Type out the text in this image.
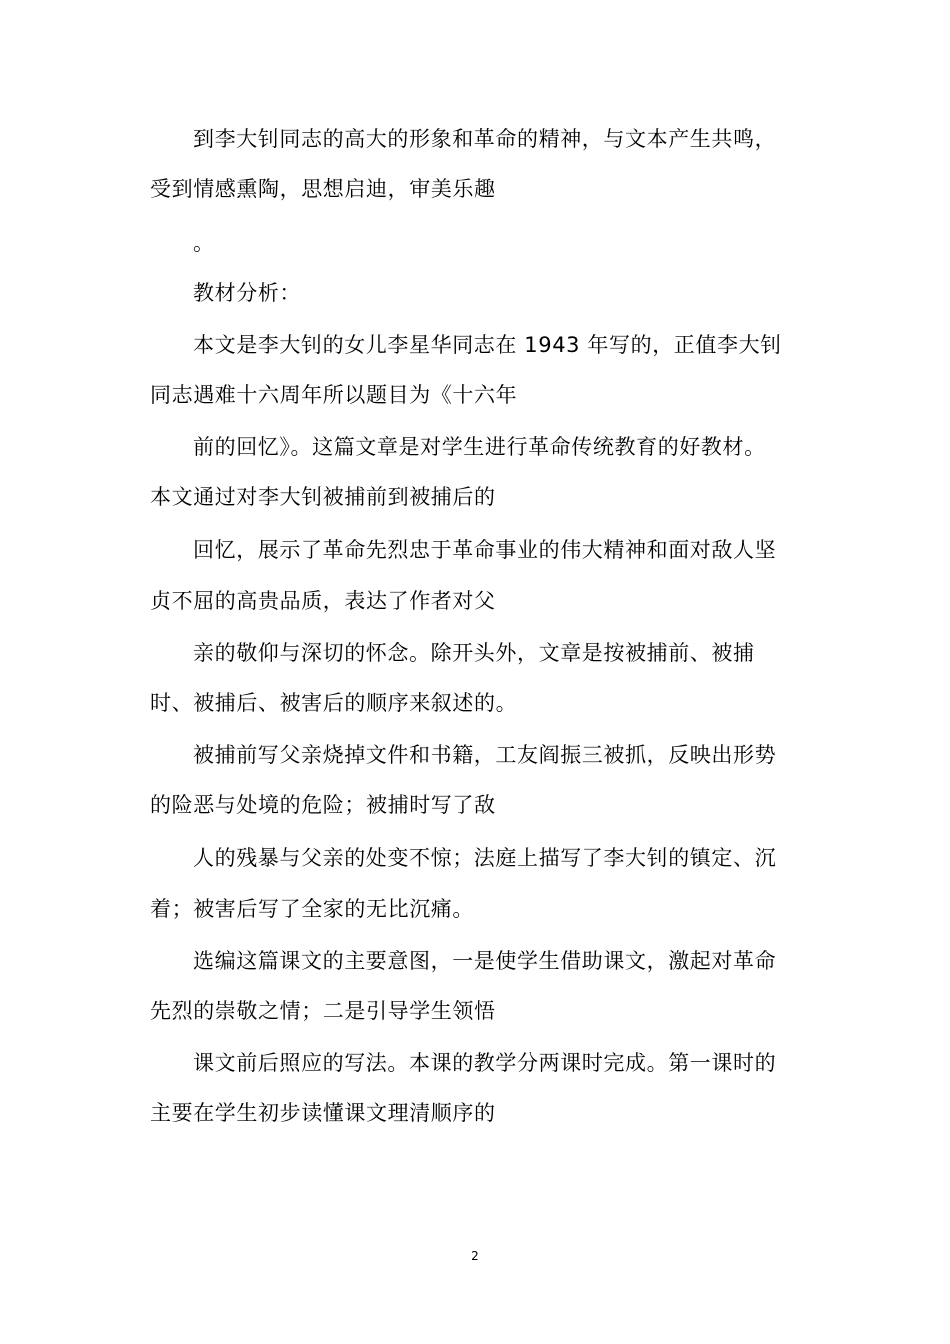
到李大钊同志的高大的形象和革命的精神，与文本产生共鸣，
受到情感熏陶，思想启迪，审美乐趣
。
教材分析：
本文是李大钊的女儿李星华同志在 1943 年写的，正值李大钊
同志遇难十六周年所以题目为《十六年
前的回忆》。这篇文章是对学生进行革命传统教育的好教材。
本文通过对李大钊被捕前到被捕后的
回忆，展示了革命先烈忠于革命事业的伟大精神和面对敌人坚
贞不屈的高贵品质，表达了作者对父
亲的敬仰与深切的怀念。除开头外，文章是按被捕前、被捕
时、被捕后、被害后的顺序来叙述的。
被捕前写父亲烧掉文件和书籍，工友阎振三被抓，反映出形势
的险恶与处境的危险；被捕时写了敌
人的残暴与父亲的处变不惊；法庭上描写了李大钊的镇定、沉
着；被害后写了全家的无比沉痛。
选编这篇课文的主要意图，一是使学生借助课文，激起对革命
先烈的崇敬之情；二是引导学生领悟
课文前后照应的写法。本课的教学分两课时完成。第一课时的
主要在学生初步读懂课文理清顺序的
2
